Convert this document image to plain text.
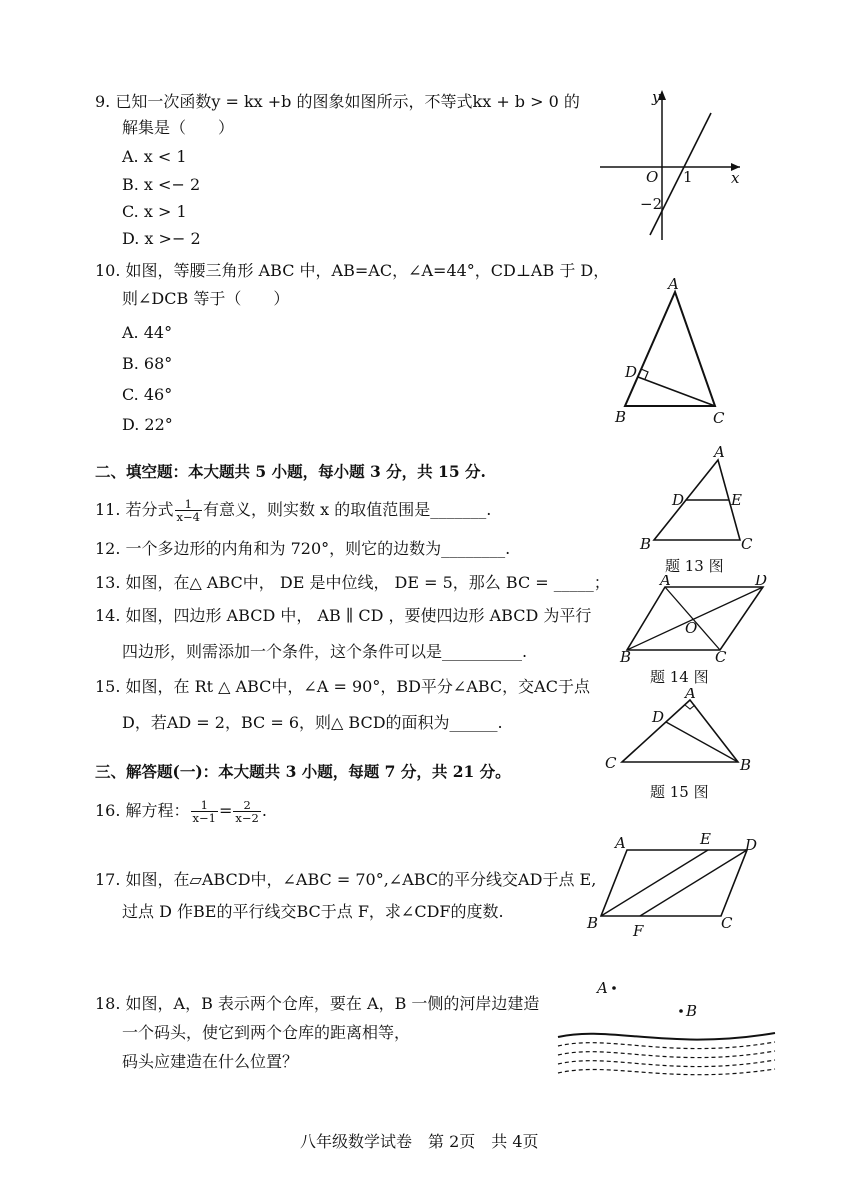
9. 已知一次函数y = kx +b 的图象如图所示，不等式kx + b > 0 的
解集是（　　）
A. x < 1
B. x <− 2
C. x > 1
D. x >− 2
y
x
O 1
−2
10. 如图，等腰三角形 ABC 中，AB=AC，∠A=44°，CD⊥AB 于 D，
则∠DCB 等于（　　）
A. 44°
B. 68°
C. 46°
D. 22°
A
B	C
D
二、填空题：本大题共 5 小题，每小题 3 分，共 15 分.
11. 若分式 $\frac{1}{x-4}$ 有意义，则实数 x 的取值范围是_______.
12. 一个多边形的内角和为 720°，则它的边数为________.
13. 如图，在△ ABC中， DE 是中位线， DE = 5，那么 BC = _____；
14. 如图，四边形 ABCD 中， AB ∥ CD ，要使四边形 ABCD 为平行
四边形，则需添加一个条件，这个条件可以是__________.
15. 如图，在 Rt △ ABC中，∠A = 90°，BD平分∠ABC，交AC于点
D，若AD = 2，BC = 6，则△ BCD的面积为______.
A
B	C
D	E
题 13 图
A	D
B	C
O
题 14 图
A
D
C	B
题 15 图
三、解答题(一)：本大题共 3 小题，每题 7 分，共 21 分。
16. 解方程： $\frac{1}{x-1} = \frac{2}{x-2}$ .
17. 如图，在▱ABCD中，∠ABC = 70°,∠ABC的平分线交AD于点 E,
过点 D 作BE的平行线交BC于点 F，求∠CDF的度数.
A	E D
B F	C
18. 如图，A，B 表示两个仓库，要在 A，B 一侧的河岸边建造
一个码头，使它到两个仓库的距离相等，
码头应建造在什么位置？
A
B
八年级数学试卷　第 2页　共 4页
